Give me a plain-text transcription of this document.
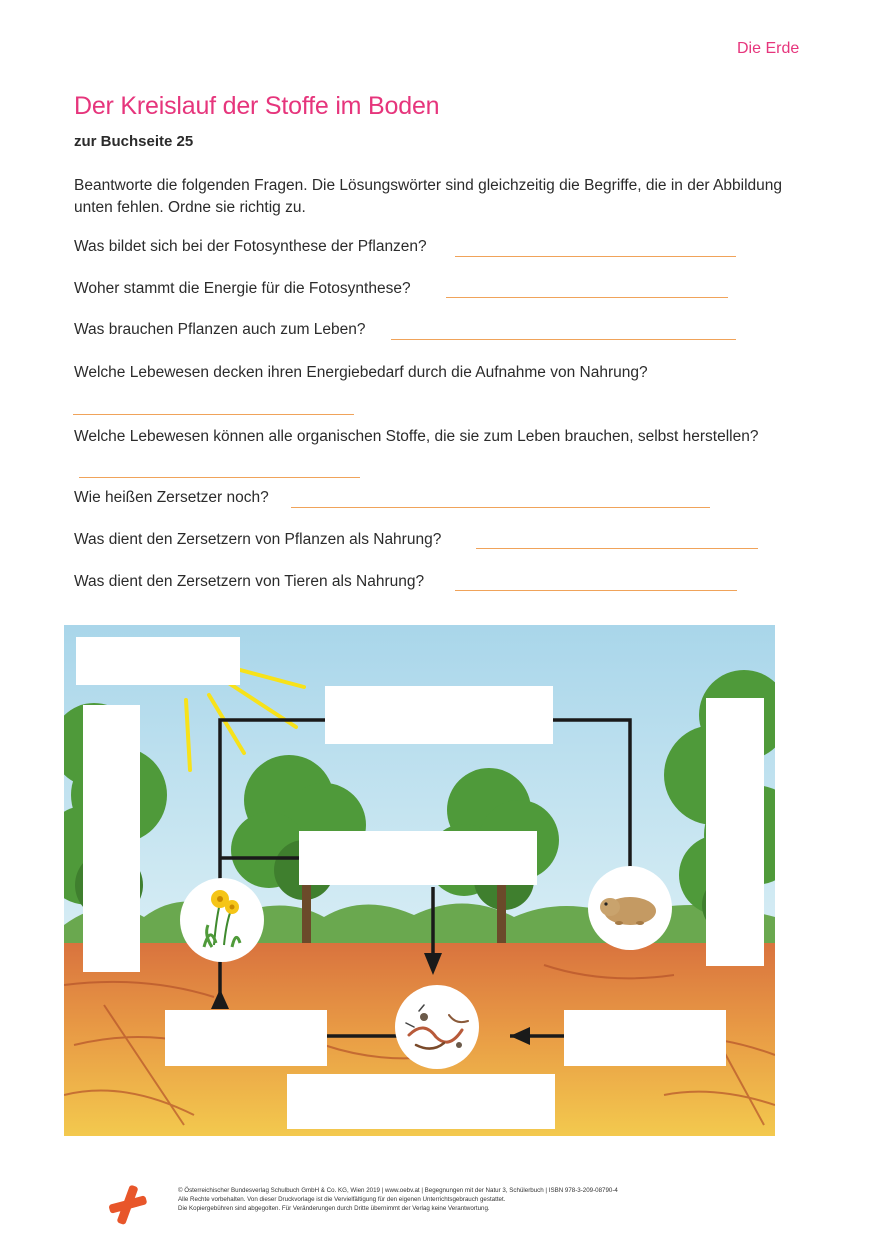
Die Erde
Der Kreislauf der Stoffe im Boden
zur Buchseite 25
Beantworte die folgenden Fragen. Die Lösungswörter sind gleichzeitig die Begriffe, die in der Abbildung unten fehlen. Ordne sie richtig zu.
Was bildet sich bei der Fotosynthese der Pflanzen?
Woher stammt die Energie für die Fotosynthese?
Was brauchen Pflanzen auch zum Leben?
Welche Lebewesen decken ihren Energiebedarf durch die Aufnahme von Nahrung?
Welche Lebewesen können alle organischen Stoffe, die sie zum Leben brauchen, selbst herstellen?
Wie heißen Zersetzer noch?
Was dient den Zersetzern von Pflanzen als Nahrung?
Was dient den Zersetzern von Tieren als Nahrung?
© Österreichischer Bundesverlag Schulbuch GmbH & Co. KG, Wien 2019 | www.oebv.at | Begegnungen mit der Natur 3, Schülerbuch | ISBN 978-3-209-08790-4
Alle Rechte vorbehalten. Von dieser Druckvorlage ist die Vervielfältigung für den eigenen Unterrichtsgebrauch gestattet.
Die Kopiergebühren sind abgegolten. Für Veränderungen durch Dritte übernimmt der Verlag keine Verantwortung.
